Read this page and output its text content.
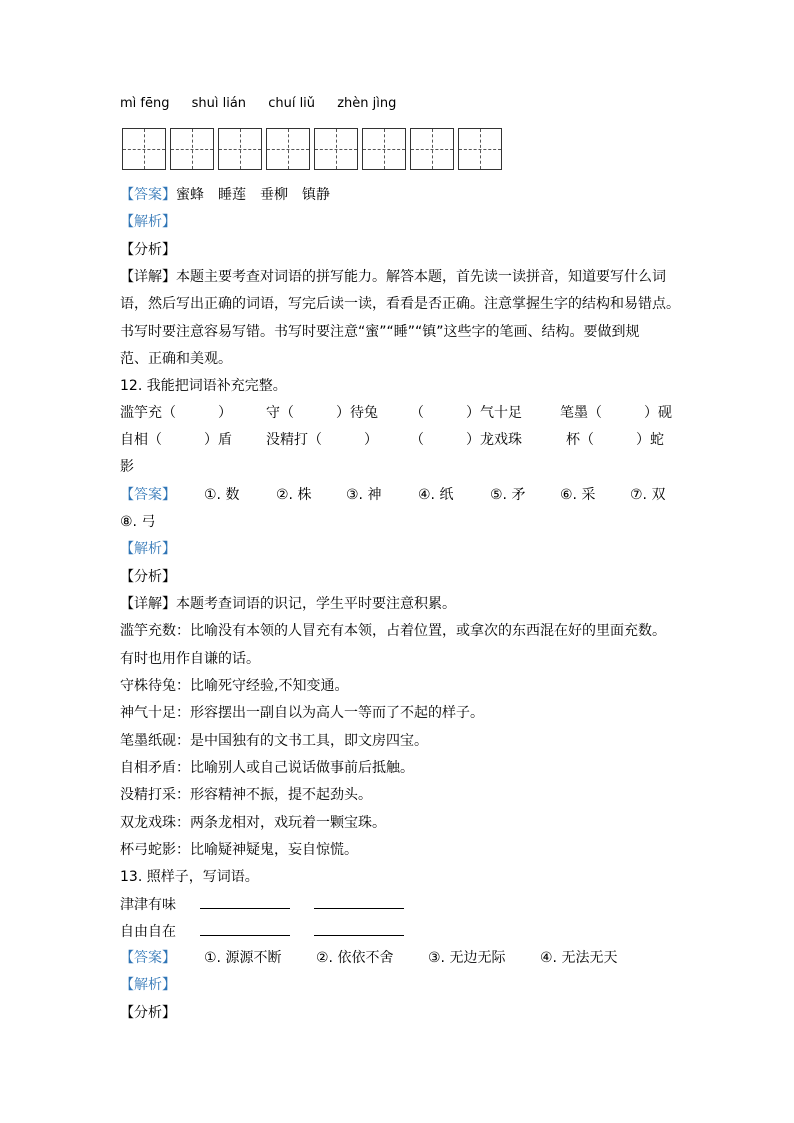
mì fēng shuì lián chuí liǔ zhèn jìng
【答案】蜜蜂　睡莲　垂柳　镇静
【解析】
【分析】
【详解】本题主要考查对词语的拼写能力。解答本题，首先读一读拼音，知道要写什么词
语，然后写出正确的词语，写完后读一读，看看是否正确。注意掌握生字的结构和易错点。
书写时要注意容易写错。书写时要注意“蜜”“睡”“镇”这些字的笔画、结构。要做到规
范、正确和美观。
12. 我能把词语补充完整。
滥竽充（　　　） 守（　　　）待兔 （　　　）气十足	笔墨（　　　）砚
自相（　　　）盾 没精打（　　　） （　　　）龙戏珠	杯（　　　）蛇
影
【答案】 ①. 数	②. 株 ③. 神	④. 纸	⑤. 矛 ⑥. 采 ⑦. 双
⑧. 弓
【解析】
【分析】
【详解】本题考查词语的识记，学生平时要注意积累。
滥竽充数：比喻没有本领的人冒充有本领，占着位置，或拿次的东西混在好的里面充数。
有时也用作自谦的话。
守株待兔：比喻死守经验,不知变通。
神气十足：形容摆出一副自以为高人一等而了不起的样子。
笔墨纸砚：是中国独有的文书工具，即文房四宝。
自相矛盾：比喻别人或自己说话做事前后抵触。
没精打采：形容精神不振，提不起劲头。
双龙戏珠：两条龙相对，戏玩着一颗宝珠。
杯弓蛇影：比喻疑神疑鬼，妄自惊慌。
13. 照样子，写词语。
津津有味
自由自在
【答案】 ①. 源源不断 ②. 依依不舍 ③. 无边无际 ④. 无法无天
【解析】
【分析】
